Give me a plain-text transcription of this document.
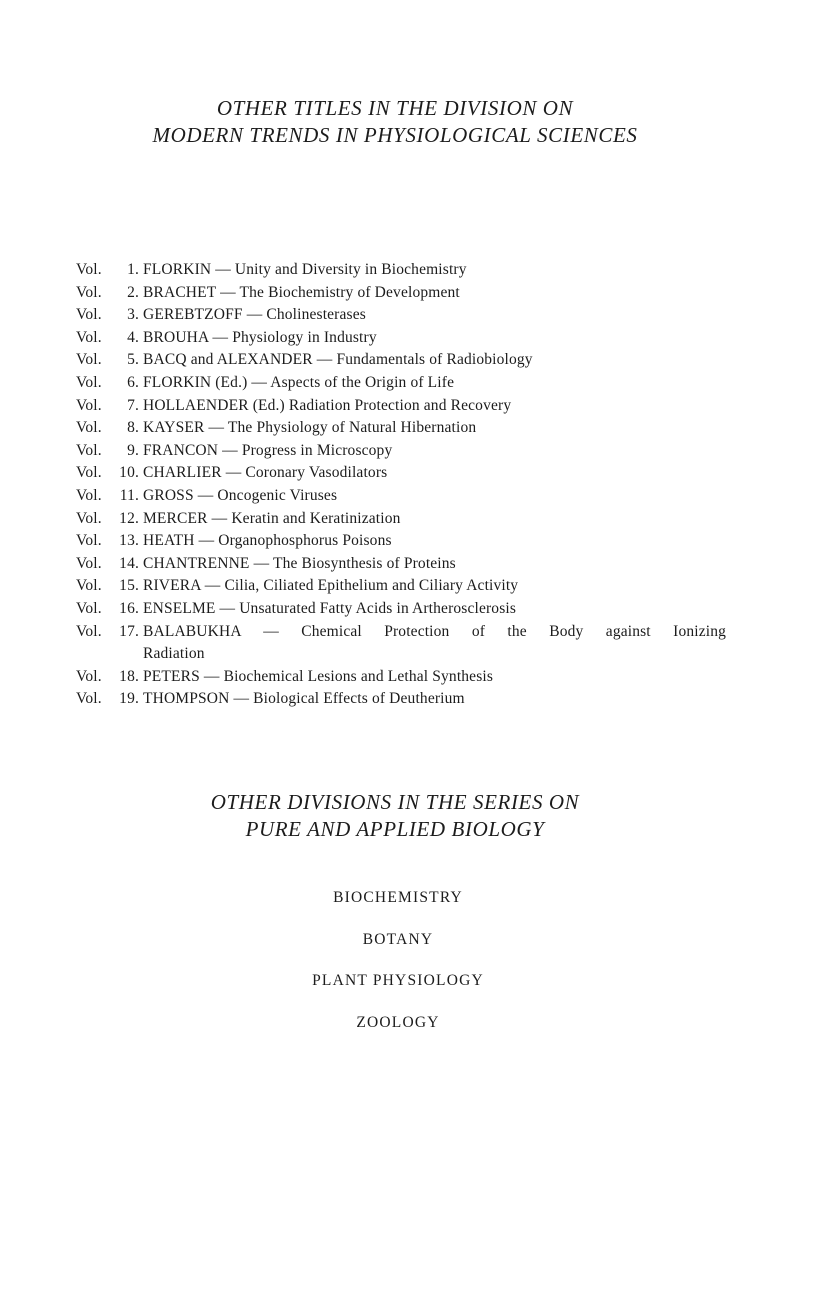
OTHER TITLES IN THE DIVISION ON
MODERN TRENDS IN PHYSIOLOGICAL SCIENCES
Vol.	1. FLORKIN — Unity and Diversity in Biochemistry
Vol.	2. BRACHET — The Biochemistry of Development
Vol.	3. GEREBTZOFF — Cholinesterases
Vol.	4. BROUHA — Physiology in Industry
Vol.	5. BACQ and ALEXANDER — Fundamentals of Radiobiology
Vol.	6. FLORKIN (Ed.) — Aspects of the Origin of Life
Vol.	7. HOLLAENDER (Ed.) Radiation Protection and Recovery
Vol.	8. KAYSER — The Physiology of Natural Hibernation
Vol.	9. FRANCON — Progress in Microscopy
Vol.	10. CHARLIER — Coronary Vasodilators
Vol.	11. GROSS — Oncogenic Viruses
Vol.	12. MERCER — Keratin and Keratinization
Vol.	13. HEATH — Organophosphorus Poisons
Vol.	14. CHANTRENNE — The Biosynthesis of Proteins
Vol.	15. RIVERA — Cilia, Ciliated Epithelium and Ciliary Activity
Vol.	16. ENSELME — Unsaturated Fatty Acids in Artherosclerosis
Vol.	17. BALABUKHA — Chemical Protection of the Body against Ionizing
Radiation
Vol.	18. PETERS — Biochemical Lesions and Lethal Synthesis
Vol.	19. THOMPSON — Biological Effects of Deutherium
OTHER DIVISIONS IN THE SERIES ON
PURE AND APPLIED BIOLOGY
BIOCHEMISTRY
BOTANY
PLANT PHYSIOLOGY
ZOOLOGY
